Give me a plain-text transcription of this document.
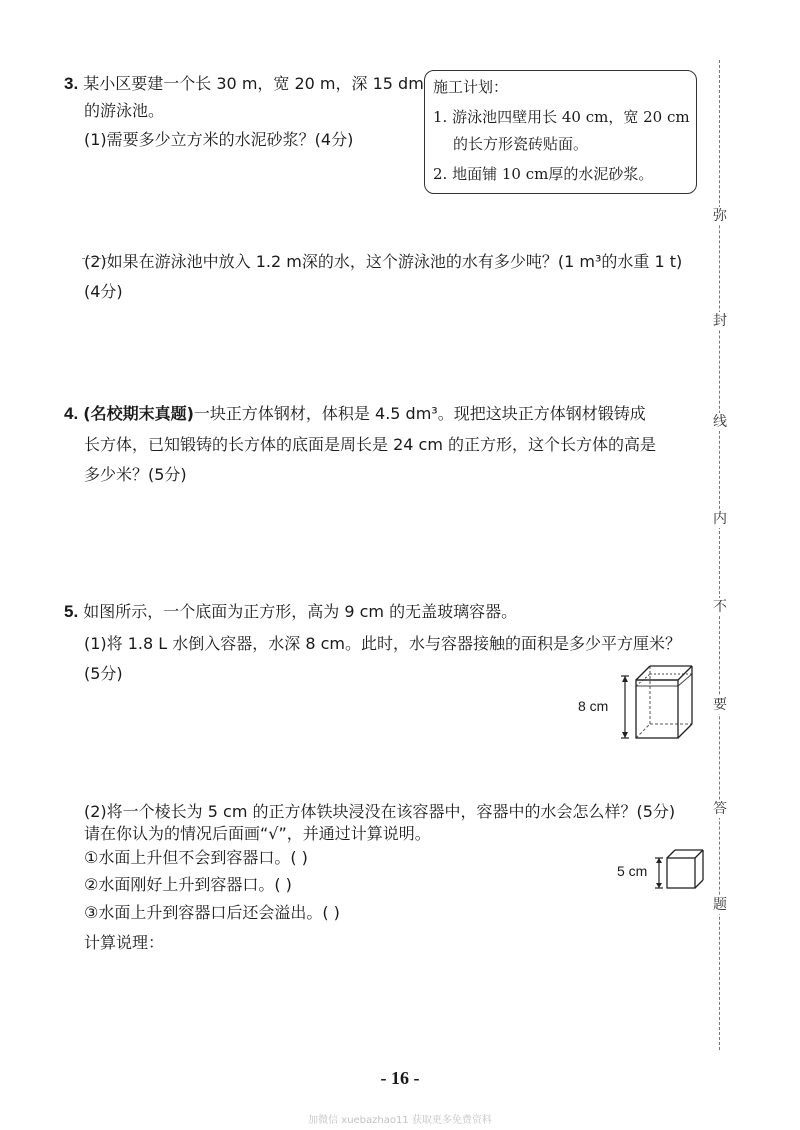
3. 某小区要建一个长 30 m，宽 20 m，深 15 dm
的游泳池。
(1)需要多少立方米的水泥砂浆？(4分)
施工计划：
1. 游泳池四壁用长 40 cm，宽 20 cm
的长方形瓷砖贴面。
2. 地面铺 10 cm厚的水泥砂浆。
(2)如果在游泳池中放入 1.2 m深的水，这个游泳池的水有多少吨？(1 m³的水重 1 t)
(4分)
4. (名校期末真题)一块正方体钢材，体积是 4.5 dm³。现把这块正方体钢材锻铸成
长方体，已知锻铸的长方体的底面是周长是 24 cm 的正方形，这个长方体的高是
多少米？(5分)
5. 如图所示，一个底面为正方形，高为 9 cm 的无盖玻璃容器。
(1)将 1.8 L 水倒入容器，水深 8 cm。此时，水与容器接触的面积是多少平方厘米？
(5分)
8 cm
(2)将一个棱长为 5 cm 的正方体铁块浸没在该容器中，容器中的水会怎么样？(5分)
请在你认为的情况后面画“√”，并通过计算说明。
①水面上升但不会到容器口。( )
②水面刚好上升到容器口。( )
③水面上升到容器口后还会溢出。( )
计算说理：
5 cm
弥
封
线
内
不
要
答
题
- 16 -
加微信 xuebazhao11 获取更多免费资料
